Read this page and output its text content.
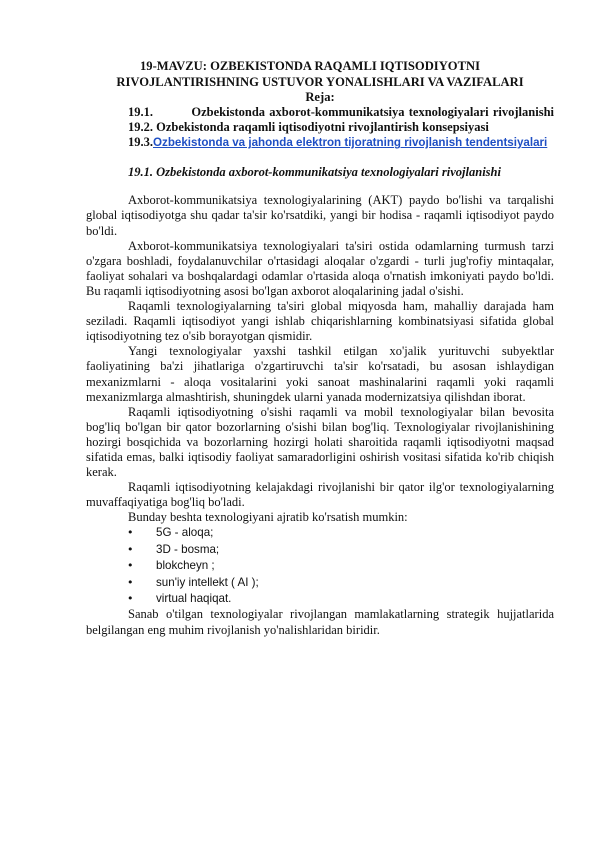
19-MAVZU: OZBEKISTONDA RAQAMLI IQTISODIYOTNI
RIVOJLANTIRISHNING USTUVOR YONALISHLARI VA VAZIFALARI
Reja:
19.1.         Ozbekistonda axborot-kommunikatsiya texnologiyalari rivojlanishi
19.2. Ozbekistonda raqamli iqtisodiyotni rivojlantirish konsepsiyasi
19.3.Ozbekistonda va jahonda elektron tijoratning rivojlanish tendentsiyalari
19.1. Ozbekistonda axborot-kommunikatsiya texnologiyalari rivojlanishi

Axborot-kommunikatsiya texnologiyalarining (AKT) paydo bo'lishi va tarqalishi global iqtisodiyotga shu qadar ta'sir ko'rsatdiki, yangi bir hodisa - raqamli iqtisodiyot paydo bo'ldi.

Axborot-kommunikatsiya texnologiyalari ta'siri ostida odamlarning turmush tarzi o'zgara boshladi, foydalanuvchilar o'rtasidagi aloqalar o'zgardi - turli jug'rofiy mintaqalar, faoliyat sohalari va boshqalardagi odamlar o'rtasida aloqa o'rnatish imkoniyati paydo bo'ldi. Bu raqamli iqtisodiyotning asosi bo'lgan axborot aloqalarining jadal o'sishi.

Raqamli texnologiyalarning ta'siri global miqyosda ham, mahalliy darajada ham seziladi. Raqamli iqtisodiyot yangi ishlab chiqarishlarning kombinatsiyasi sifatida global iqtisodiyotning tez o'sib borayotgan qismidir.

Yangi texnologiyalar yaxshi tashkil etilgan xo'jalik yurituvchi subyektlar faoliyatining ba'zi jihatlariga o'zgartiruvchi ta'sir ko'rsatadi, bu asosan ishlaydigan mexanizmlarni - aloqa vositalarini yoki sanoat mashinalarini raqamli yoki raqamli mexanizmlarga almashtirish, shuningdek ularni yanada modernizatsiya qilishdan iborat.

Raqamli iqtisodiyotning o'sishi raqamli va mobil texnologiyalar bilan bevosita bog'liq bo'lgan bir qator bozorlarning o'sishi bilan bog'liq. Texnologiyalar rivojlanishining hozirgi bosqichida va bozorlarning hozirgi holati sharoitida raqamli iqtisodiyotni maqsad sifatida emas, balki iqtisodiy faoliyat samaradorligini oshirish vositasi sifatida ko'rib chiqish kerak.

Raqamli iqtisodiyotning kelajakdagi rivojlanishi bir qator ilg'or texnologiyalarning muvaffaqiyatiga bog'liq bo'ladi.

Bunday beshta texnologiyani ajratib ko'rsatish mumkin:

• 5G - aloqa;
• 3D - bosma;
• blokcheyn ;
• sun'iy intellekt ( AI );
• virtual haqiqat.

Sanab o'tilgan texnologiyalar rivojlangan mamlakatlarning strategik hujjatlarida belgilangan eng muhim rivojlanish yo'nalishlaridan biridir.
